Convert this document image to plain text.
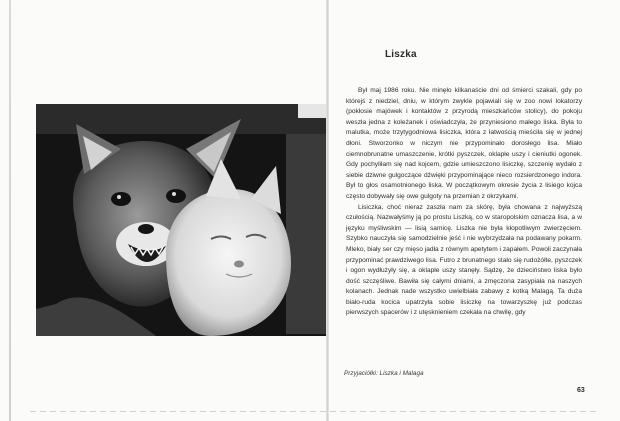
Liszka

Był maj 1986 roku. Nie minęło kilkanaście dni od śmierci szakali, gdy po którejś z niedziel, dniu, w którym zwykle pojawiali się w zoo nowi lokatorzy (pokłosie majówek i kontaktów z przyrodą mieszkańców stolicy), do pokoju weszła jedna z koleżanek i oświadczyła, że przyniesiono małego liska. Była to malutka, może trzytygodniowa lisiczka, która z łatwością mieściła się w jednej dłoni. Stworzonko w niczym nie przypominało dorosłego lisa. Miało ciemnobrunatne umaszczenie, krótki pyszczek, oklapłe uszy i cieniutki ogonek. Gdy pochyliłam się nad kojcem, gdzie umieszczono lisiczkę, szczenię wydało z siebie dziwne gulgoczące dźwięki przypominające nieco rozsierdzonego indora. Był to głos osamotnionego liska. W początkowym okresie życia z lisiego kojca często dobywały się owe gulgoty na przemian z okrzykami.

Lisiczka, choć nieraz zaszła nam za skórę, była chowana z najwyższą czułością. Nazwałyśmy ją po prostu Liszką, co w staropolskim oznacza lisa, a w języku myśliwskim — lisią samicę. Liszka nie była kłopotliwym zwierzęciem. Szybko nauczyła się samodzielnie jeść i nie wybrzydzała na podawany pokarm. Mleko, biały ser czy mięso jadła z równym apetytem i zapałem. Powoli zaczynała przypominać prawdziwego lisa. Futro z brunatnego stało się rudożółte, pyszczek i ogon wydłużyły się, a oklapłe uszy stanęły. Sądzę, że dzieciństwo liska było dość szczęśliwe. Bawiła się całymi dniami, a zmęczona zasypiała na naszych kolanach. Jednak nade wszystko uwielbiała zabawy z kotką Malagą. Ta duża biało-ruda kocica upatrzyła sobie lisiczkę na towarzyszkę już podczas pierwszych spacerów i z utęsknieniem czekała na chwilę, gdy

Przyjaciółki: Liszka i Malaga
63
